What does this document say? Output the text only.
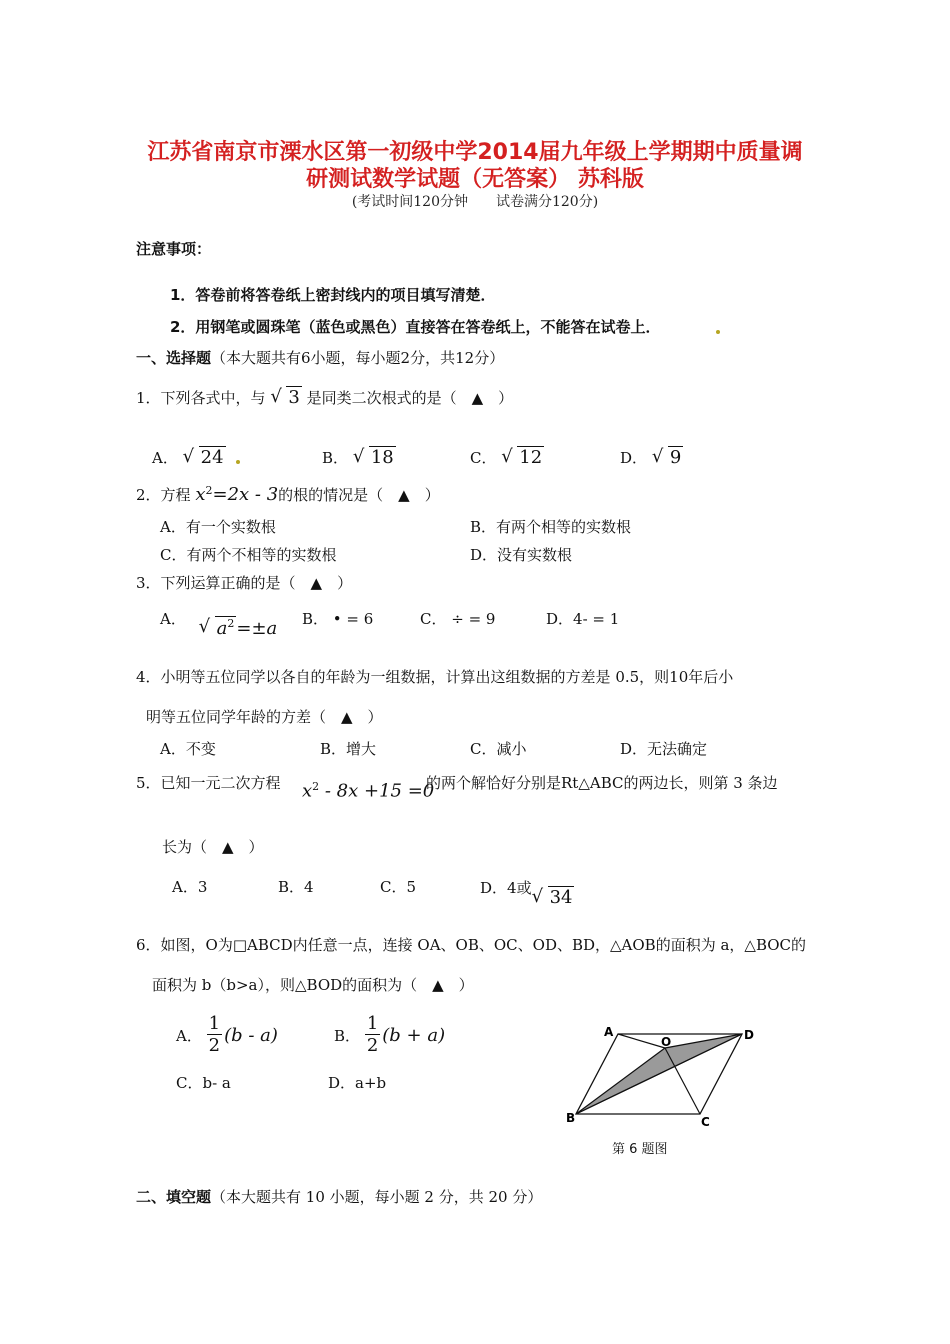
江苏省南京市溧水区第一初级中学2014届九年级上学期期中质量调
研测试数学试题（无答案） 苏科版
(考试时间120分钟　　试卷满分120分)
注意事项：
1．答卷前将答卷纸上密封线内的项目填写清楚．
2．用钢笔或圆珠笔（蓝色或黑色）直接答在答卷纸上，不能答在试卷上．
一、选择题（本大题共有6小题，每小题2分，共12分）
1．下列各式中，与 √ 3 是同类二次根式的是（　▲　）
A． √ 24	B． √ 18	C． √ 12	D． √ 9
2．方程 $x^2=2x - 3$的根的情况是（　▲　）
A．有一个实数根	B．有两个相等的实数根
C．有两个不相等的实数根	D．没有实数根
3．下列运算正确的是（　▲　）
A． √ $a^2 =\pm a$ B． • = 6	C． ÷ = 9	D．4- = 1
4．小明等五位同学以各自的年龄为一组数据，计算出这组数据的方差是 0.5，则10年后小
明等五位同学年龄的方差（　▲　）
A．不变	B．增大	C．减小	D．无法确定
5．已知一元二次方程 $x^2 - 8x +15 =0$
的两个解恰好分别是Rt△ABC的两边长，则第 3 条边
长为（　▲　）
A．3	B．4	C．5	D．4或 √ 34
6．如图，O为□ABCD内任意一点，连接 OA、OB、OC、OD、BD，△AOB的面积为 a，△BOC的
面积为 b（b>a），则△BOD的面积为（　▲　）
A． $\frac{1}{2} (b - a)$	B． $\frac{1}{2} (b + a)$
C．b- a	D．a+b
A	D
O
B	C
第 6 题图
二、填空题（本大题共有 10 小题，每小题 2 分，共 20 分）
